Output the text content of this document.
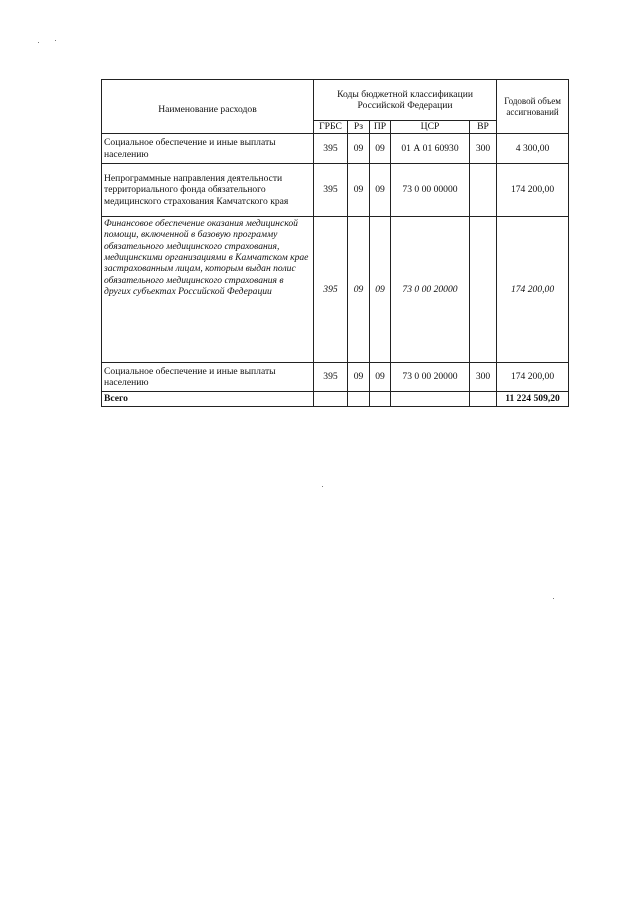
Наименование расходов	Коды бюджетной классификации Российской Федерации					Годовой объем ассигнований
	ГРБС	Рз	ПР	ЦСР	ВР	
Социальное обеспечение и иные выплаты населению	395	09	09	01 А 01 60930	300	4 300,00
Непрограммные направления деятельности территориального фонда обязательного медицинского страхования Камчатского края	395	09	09	73 0 00 00000		174 200,00
Финансовое обеспечение оказания медицинской помощи, включенной в базовую программу обязательного медицинского страхования, медицинскими организациями в Камчатском крае застрахованным лицам, которым выдан полис обязательного медицинского страхования в других субъектах Российской Федерации	395	09	09	73 0 00 20000		174 200,00
Социальное обеспечение и иные выплаты населению	395	09	09	73 0 00 20000	300	174 200,00
Всего						11 224 509,20
